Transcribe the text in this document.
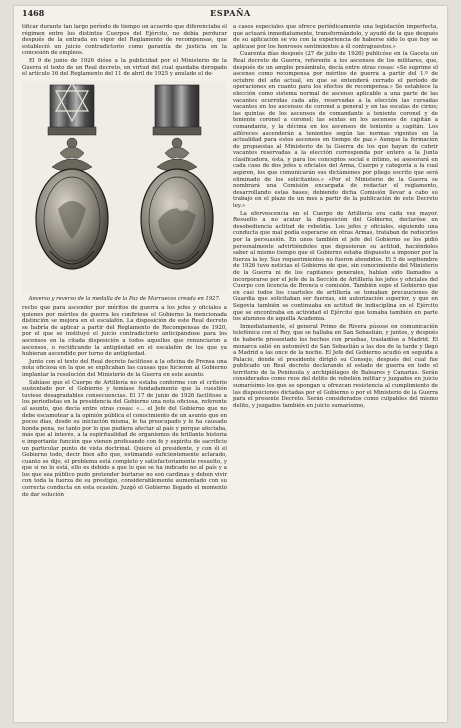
1468	ESPAÑA

tificar durante tan largo período de tiempo un acuerdo que diferenciaba el régimen entre los distintos Cuerpos del Ejército, no debía perdurar después de la entrada en vigor del Reglamento de recompensas, que estableció un juicio contradictorio como garantía de justicia en la concesión de empleos.

El 9 de junio de 1926 dióse a la publicidad por el Ministerio de la Guerra el texto de un Real decreto, en virtud del cual quedaba derogado el artículo 16 del Reglamento del 11 de abril de 1925 y anulado el de-

Anverso y reverso de la medalla de la Paz de Marruecos creada en 1927.

recho que para ascender por méritos de guerra a los jefes y oficiales a quienes por méritos de guerra les confiriese el Gobierno la mencionada distinción se mejora en el escalafón. La disposición de este Real decreto se habría de aplicar a partir del Reglamento de Recompensas de 1920, por el que se instituyó el juicio contradictorio anticipándose para los ascensos en la citada disposición a todos aquellos que renunciaron a ascensos, o rectificando la antigüedad en el escalafón de los que ya hubieran ascendido por turno de antigüedad.

Junto con el texto del Real decreto facilitose a la oficina de Prensa una nota oficiosa en la que se explicaban las causas que hicieron al Gobierno implantar la resolución del Ministerio de la Guerra en este asunto.

Sabíase que el Cuerpo de Artillería no estaba conforme con el criterio sustentado por el Gobierno y temíase fundadamente que la cuestión tuviese desagradables consecuencias. El 17 de junio de 1926 facilitose a los periodistas en la presidencia del Gobierno una nota oficiosa, referente al asunto, que decía entre otras cosas: «... el Jefe del Gobierno que no debe escamotear a la opinión pública el conocimiento de un asunto que en pocos días, desde su iniciación misma, le ha preocupado y le ha causado honda pena, no tanto por lo que pudiera afectar al país y porque afectaba, más que al interés, a la espiritualidad de organismos de brillante historia e importante función que vienen profesando con fe y espíritu de sacrificio un particular punto de vista doctrinal. Quiere el presidente, y con él el Gobierno todo, decir bien alto que, estimando suficientemente aclarado, cuanto se dijo, el problema está completo y satisfactoriamente resuelto, y que si no lo está, ello es debido a que lo que se ha indicado no al país y a los que sea público pudo pretender burlarse no son cardinas y deben vivir con toda la fuerza de su prestigio, considerablemente aumentado con su correcta conducta en esta ocasión. Juzgó el Gobierno llegado el momento de dar solución

a casos especiales que ofrece periódicamente una legislación imperfecta, que actuará inmediatamente, transformándolo, y ayudó de la que después de su aplicación se vio con la experiencia de haberse sido lo que hoy se aplicase por los honrosos sentimientos a él contrapuestos.»

Cuarenta días después (27 de julio de 1926) publicóse en la Gaceta un Real decreto de Guerra, referente a los ascensos de los militares, que, después de un amplio preámbulo, decía entre otras cosas: «Se suprime el ascenso como recompensa por méritos de guerra a partir del 1.º de octubre del año actual, en que se entenderá cerrado el período de operaciones en cuanto para los efectos de recompensa.» Se establece la elección como sistema normal de ascenso aplicable a una parte de las vacantes ocurridas cada año, reservadas a la elección las cursadas vacantes en los ascensos de coronel a general y en las escalas de cirios; las quintas de los ascensos de comandante a teniente coronel y de teniente coronel a coronel; las sextas en los ascensos de capitán a comandante, y la décima en los ascensos de teniente a capitán. Los alféreces ascenderán a tenientes según las normas vigentes en la actualidad para estos ascensos en tiempo de paz.» Aunque la formación de propuestas al Ministerio de la Guerra de los que hayan de cubrir vacantes reservadas a la elección corresponda por entero a la Junta clasificadora, ésta, y para los conceptos social e íntimo, se asesorará en cada caso de dos jefes u oficiales del Arma, Cuerpo y categoría a la cual aspiren, los que comunicarán sus dictámenes por pliego escrito que será eliminado de los solicitantes.» «Por el Ministerio de la Guerra se nombrará una Comisión encargada de redactar el reglamento, desarrollando estas bases, debiendo dicha Comisión llevar a cabo su trabajo en el plazo de un mes a partir de la publicación de este Decreto ley.»

La efervescencia en el Cuerpo de Artillería era cada vez mayor. Resuelto a no acatar la disposición del Gobierno, declaróse en desobediencia actitud de rebeldía. Los jefes y oficiales, siguiendo una conducta que mal podía esperarse en otras Armas, trataban de reducirlos por la persuasión. En unos también el jefe del Gobierno se los pidió personalmente advirtiéndoles que depusieran su actitud, haciéndoles saber al mismo tiempo que el Gobierno estaba dispuesto a imponer por la fuerza la ley. Sus requerimientos no fueron atendidos. El 5 de septiembre de 1926 tuvo noticias el Gobierno de que, sin conocimiento del Ministerio de la Guerra ni de los capitanes generales, habían sido llamados a incorporarse por el jefe de la Sección de Artillería los jefes y oficiales del Cuerpo con licencia de Brenca o comisión. También supo el Gobierno que en casi todos los cuarteles de artillería se tomaban precauciones de Guardia que solicitaban ser fuerzas, sin autorización superior, y que en Segovia también se continuaba en actitud de indisciplina en el Ejército que se encontraba en actividad el Ejército que tomaba también en parte los alumnos de aquella Academia.

Inmediatamente, el general Primo de Rivera púsose en comunicación telefónica con el Rey, que se hallaba en San Sebastián, y juntos, y después de haberle presentado los hechos con pruebas, trasladóse a Madrid. El monarca salió en automóvil de San Sebastián a las dos de la tarde y llegó a Madrid a las once de la noche. El Jefe del Gobierno acudió en seguida a Palacio, donde el presidente dirigió su Consejo, después del cual fue publicado un Real decreto declarando el estado de guerra en todo el territorio de la Península y archipiélagos de Baleares y Canarias. Serán considerados como reos del delito de rebelión militar y juzgados en juicio sumarísimo los que se opongan u ofrezcan resistencia al cumplimiento de las disposiciones dictadas por el Gobierno o por el Ministerio de la Guerra para el presente Decreto. Serán considerados como culpables del mismo delito, y juzgados también en juicio sumarísimo,
